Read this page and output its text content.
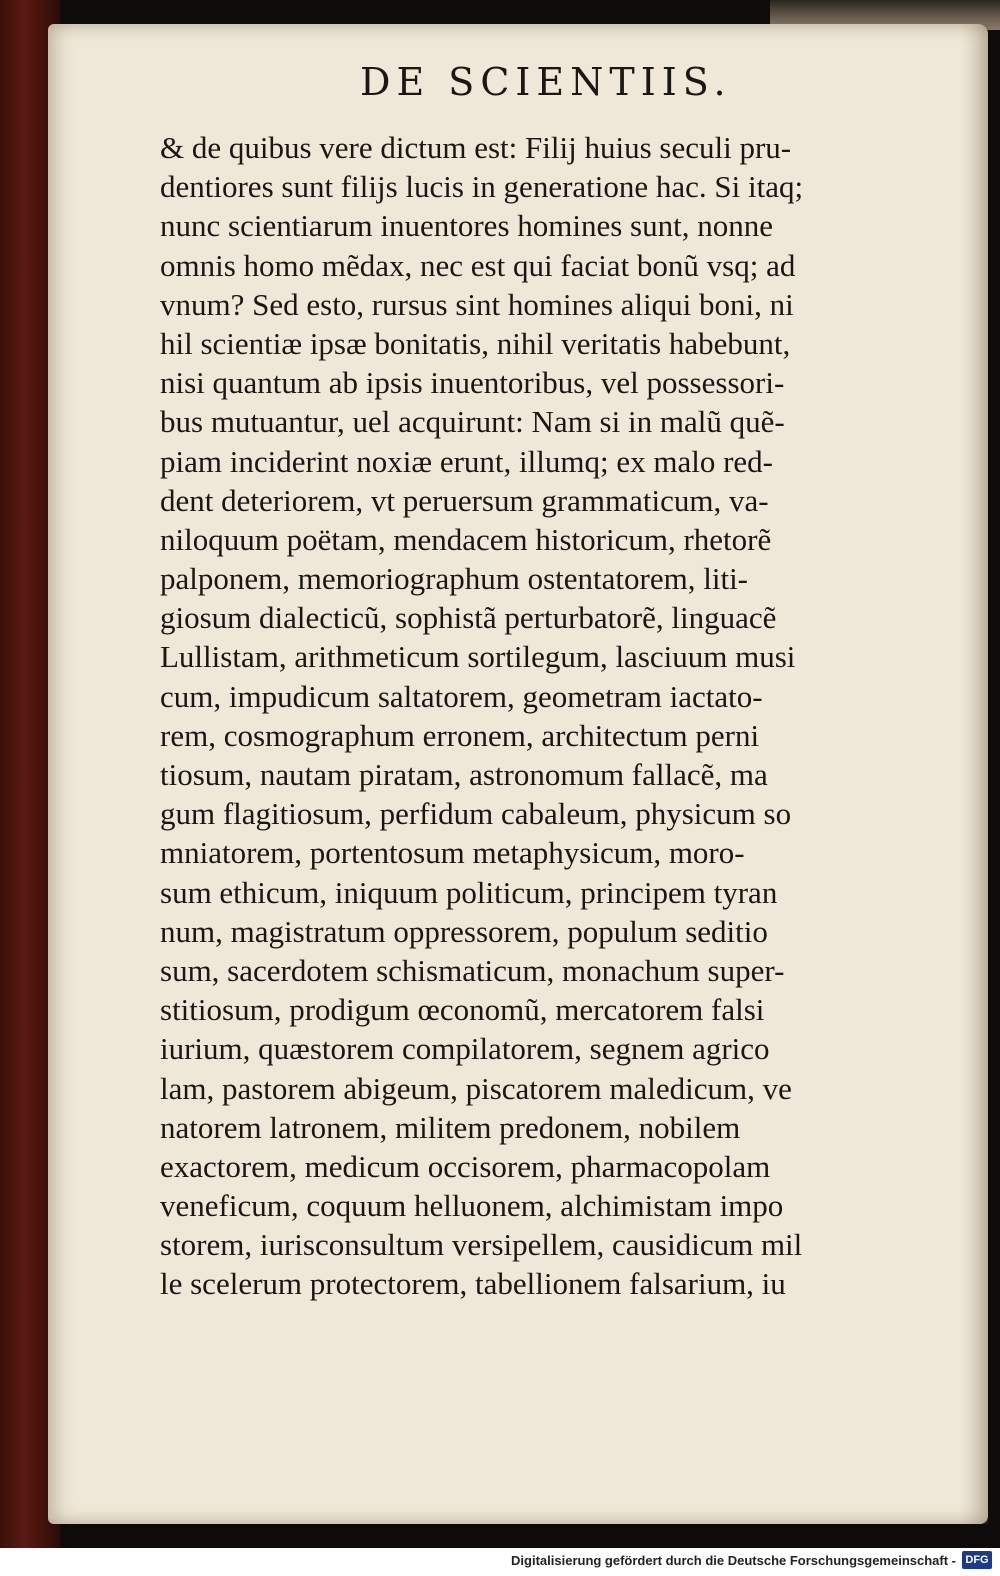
DE SCIENTIIS.
& de quibus vere dictum est: Filij huius seculi pru-
dentiores sunt filijs lucis in generatione hac. Si itaq;
nunc scientiarum inuentores homines sunt, nonne
omnis homo mẽdax, nec est qui faciat bonũ vsq; ad
vnum? Sed esto, rursus sint homines aliqui boni, ni
hil scientiæ ipsæ bonitatis, nihil veritatis habebunt,
nisi quantum ab ipsis inuentoribus, vel possessori-
bus mutuantur, uel acquirunt: Nam si in malũ quẽ-
piam inciderint noxiæ erunt, illumq; ex malo red-
dent deteriorem, vt peruersum grammaticum, va-
niloquum poëtam, mendacem historicum, rhetorẽ
palponem, memoriographum ostentatorem, liti-
giosum dialecticũ, sophistã perturbatorẽ, linguacẽ
Lullistam, arithmeticum sortilegum, lasciuum musi
cum, impudicum saltatorem, geometram iactato-
rem, cosmographum erronem, architectum perni
tiosum, nautam piratam, astronomum fallacẽ, ma
gum flagitiosum, perfidum cabaleum, physicum so
mniatorem, portentosum metaphysicum, moro-
sum ethicum, iniquum politicum, principem tyran
num, magistratum oppressorem, populum seditio
sum, sacerdotem schismaticum, monachum super-
stitiosum, prodigum œconomũ, mercatorem falsi
iurium, quæstorem compilatorem, segnem agrico
lam, pastorem abigeum, piscatorem maledicum, ve
natorem latronem, militem predonem, nobilem
exactorem, medicum occisorem, pharmacopolam
veneficum, coquum helluonem, alchimistam impo
storem, iurisconsultum versipellem, causidicum mil
le scelerum protectorem, tabellionem falsarium, iu
Digitalisierung gefördert durch die Deutsche Forschungsgemeinschaft - DFG
